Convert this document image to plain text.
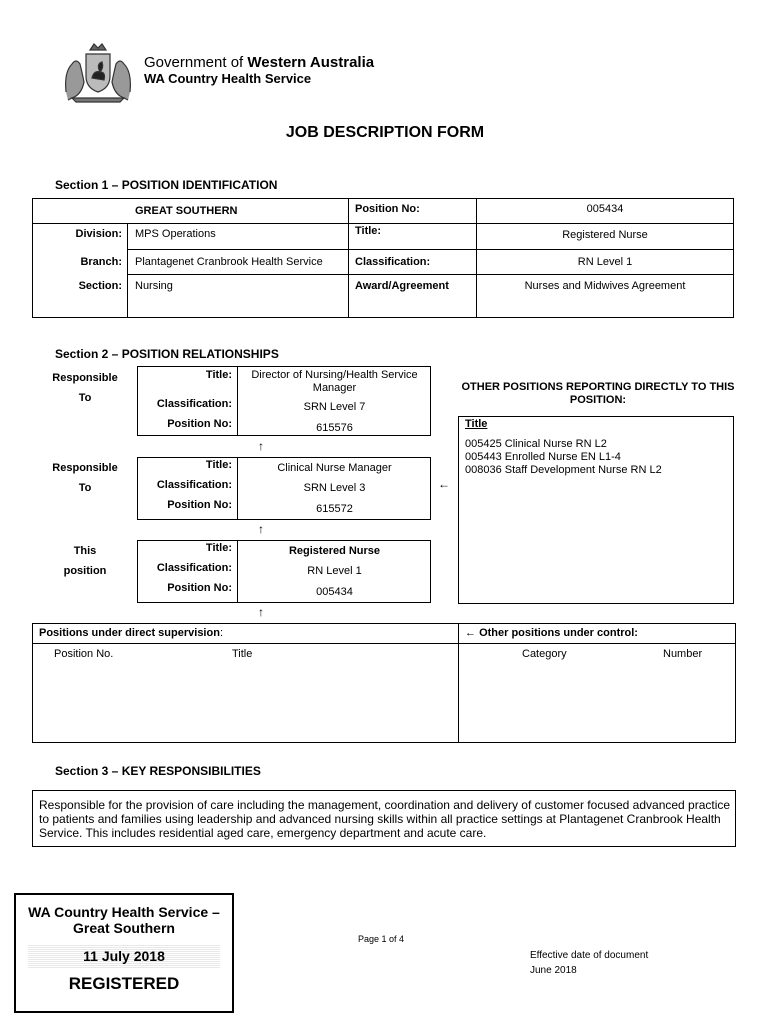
Government of Western Australia
WA Country Health Service
JOB DESCRIPTION FORM
Section 1 – POSITION IDENTIFICATION
GREAT SOUTHERN	Position No:	005434
Division: MPS Operations	Title:	Registered Nurse
Branch: Plantagenet Cranbrook Health Service	Classification:	RN Level 1
Section: Nursing	Award/Agreement	Nurses and Midwives Agreement
Section 2 – POSITION RELATIONSHIPS
Responsible
To
Responsible
To
This
position
Title:	Director of Nursing/Health Service Manager
Classification:	SRN Level 7
Position No:	615576
↑
Title:	Clinical Nurse Manager
Classification:	SRN Level 3
Position No:	615572
←
↑
Title:	Registered Nurse
Classification:	RN Level 1
Position No:	005434
↑
OTHER POSITIONS REPORTING DIRECTLY TO THIS POSITION:
Title
005425 Clinical Nurse RN L2
005443 Enrolled Nurse EN L1-4
008036 Staff Development Nurse RN L2
Positions under direct supervision:	← Other positions under control:
Position No.	Title	Category	Number
Section 3 – KEY RESPONSIBILITIES
Responsible for the provision of care including the management, coordination and delivery of customer focused advanced practice to patients and families using leadership and advanced nursing skills within all practice settings at Plantagenet Cranbrook Health Service. This includes residential aged care, emergency department and acute care.
WA Country Health Service –
Great Southern
11 July 2018
REGISTERED
Page 1 of 4
Effective date of document
June 2018
